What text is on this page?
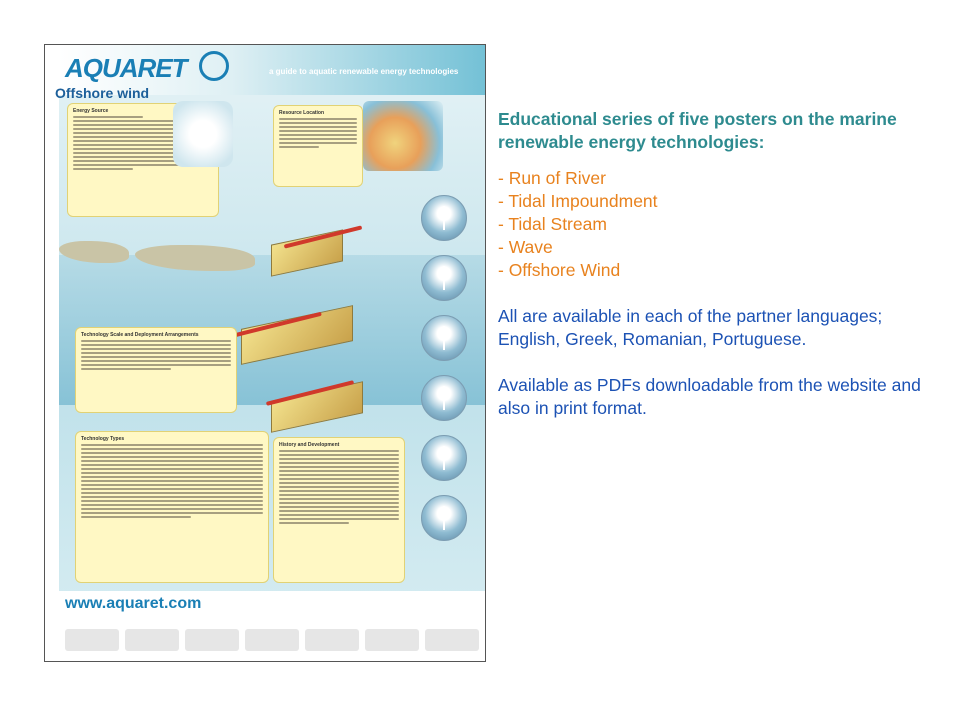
AQUARET	a guide to aquatic renewable energy technologies
Offshore wind
Energy Source	Resource Location
Technology Scale and Deployment Arrangements
Technology Types
History and Development
www.aquaret.com

Educational series of five posters on the marine renewable energy technologies:

- Run of River
- Tidal Impoundment
- Tidal Stream
- Wave
- Offshore Wind

All are available in each of the partner languages; English, Greek, Romanian, Portuguese.

Available as PDFs downloadable from the website and also in print format.
